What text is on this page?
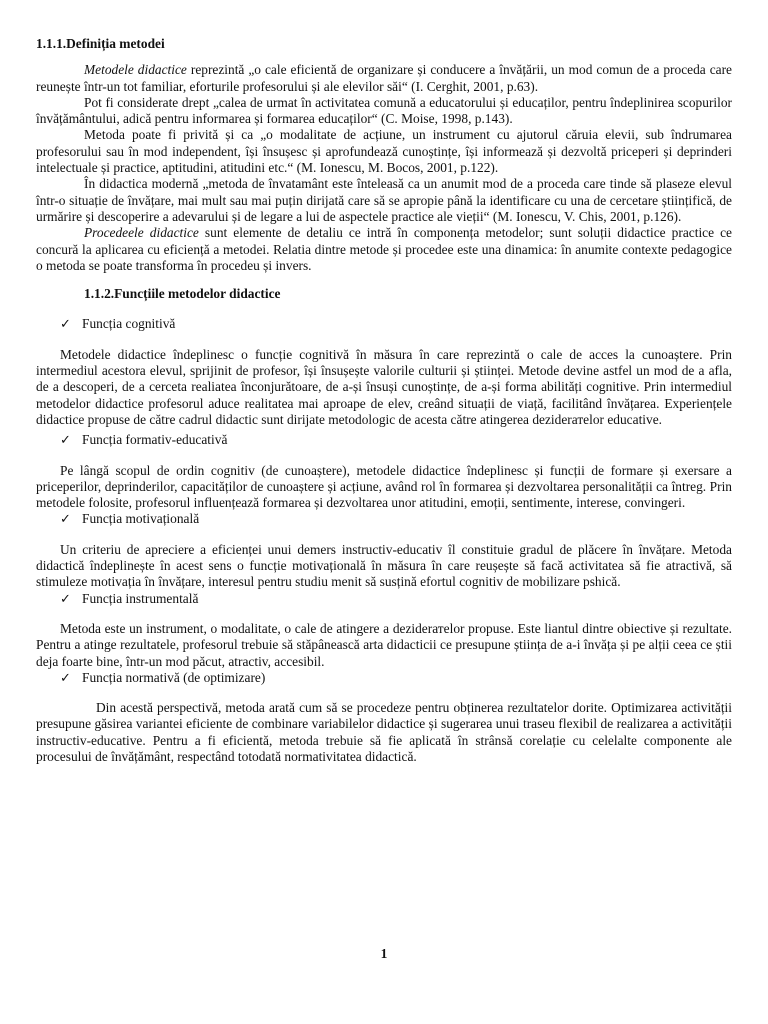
1.1.1.Definiția metodei

Metodele didactice reprezintă „o cale eficientă de organizare și conducere a învățării, un mod comun de a proceda care reunește într-un tot familiar, eforturile profesorului și ale elevilor săi“ (I. Cerghit, 2001, p.63).

Pot fi considerate drept „calea de urmat în activitatea comună a educatorului și educaților, pentru îndeplinirea scopurilor învățământului, adică pentru informarea și formarea educaților“ (C. Moise, 1998, p.143).

Metoda poate fi privită și ca „o modalitate de acțiune, un instrument cu ajutorul căruia elevii, sub îndrumarea profesorului sau în mod independent, își însușesc și aprofundează cunoștințe, își informează și dezvoltă priceperi și deprinderi intelectuale și practice, aptitudini, atitudini etc.“ (M. Ionescu, M. Bocos, 2001, p.122).

În didactica modernă „metoda de învatamânt este înteleasă ca un anumit mod de a proceda care tinde să plaseze elevul într-o situație de învățare, mai mult sau mai puțin dirijată care să se apropie până la identificare cu una de cercetare științifică, de urmărire și descoperire a adevarului și de legare a lui de aspectele practice ale vieții“ (M. Ionescu, V. Chis, 2001, p.126).

Procedeele didactice sunt elemente de detaliu ce intră în componența metodelor; sunt soluții didactice practice ce concură la aplicarea cu eficiență a metodei. Relatia dintre metode și procedee este una dinamica: în anumite contexte pedagogice o metoda se poate transforma în procedeu și invers.

1.1.2.Funcțiile metodelor didactice
✓ Funcția cognitivă

Metodele didactice îndeplinesc o funcție cognitivă în măsura în care reprezintă o cale de acces la cunoaștere. Prin intermediul acestora elevul, sprijinit de profesor, își însușește valorile culturii și științei. Metode devine astfel un mod de a afla, de a descoperi, de a cerceta realiatea înconjurătoare, de a-și însuși cunoștințe, de a-și forma abilități cognitive. Prin intermediul metodelor didactice profesorul aduce realitatea mai aproape de elev, creând situații de viață, facilitând învățarea. Experiențele didactice propuse de către cadrul didactic sunt dirijate metodologic de acesta către atingerea deziderатelor educative.

✓ Funcția formativ-educativă

Pe lângă scopul de ordin cognitiv (de cunoaștere), metodele didactice îndeplinesc și funcții de formare și exersare a priceperilor, deprinderilor, capacităților de cunoaștere și acțiune, având rol în formarea și dezvoltarea personalității ca întreg. Prin metodele folosite, profesorul influențează formarea și dezvoltarea unor atitudini, emoții, sentimente, interese, convingeri.

✓ Funcția motivațională

Un criteriu de apreciere a eficienței unui demers instructiv-educativ îl constituie gradul de plăcere în învățare. Metoda didactică îndeplinește în acest sens o funcție motivațională în măsura în care reușește să facă activitatea să fie atractivă, să stimuleze motivația în învățare, interesul pentru studiu menit să susțină efortul cognitiv de mobilizare pshică.

✓ Funcția instrumentală

Metoda este un instrument, o modalitate, o cale de atingere a deziderатelor propuse. Este liantul dintre obiective și rezultate. Pentru a atinge rezultatele, profesorul trebuie să stăpânească arta didacticii ce presupune știința de a-i învăța și pe alții ceea ce știi deja foarte bine, într-un mod păcut, atractiv, accesibil.

✓ Funcția normativă (de optimizare)

Din acestă perspectivă, metoda arată cum să se procedeze pentru obținerea rezultatelor dorite. Optimizarea activității presupune găsirea variantei eficiente de combinare variabilelor didactice și sugerarea unui traseu flexibil de realizarea a activității instructiv-educative. Pentru a fi eficientă, metoda trebuie să fie aplicată în strânsă corelație cu celelalte componente ale procesului de învățământ, respectând totodată normativitatea didactică.

1
